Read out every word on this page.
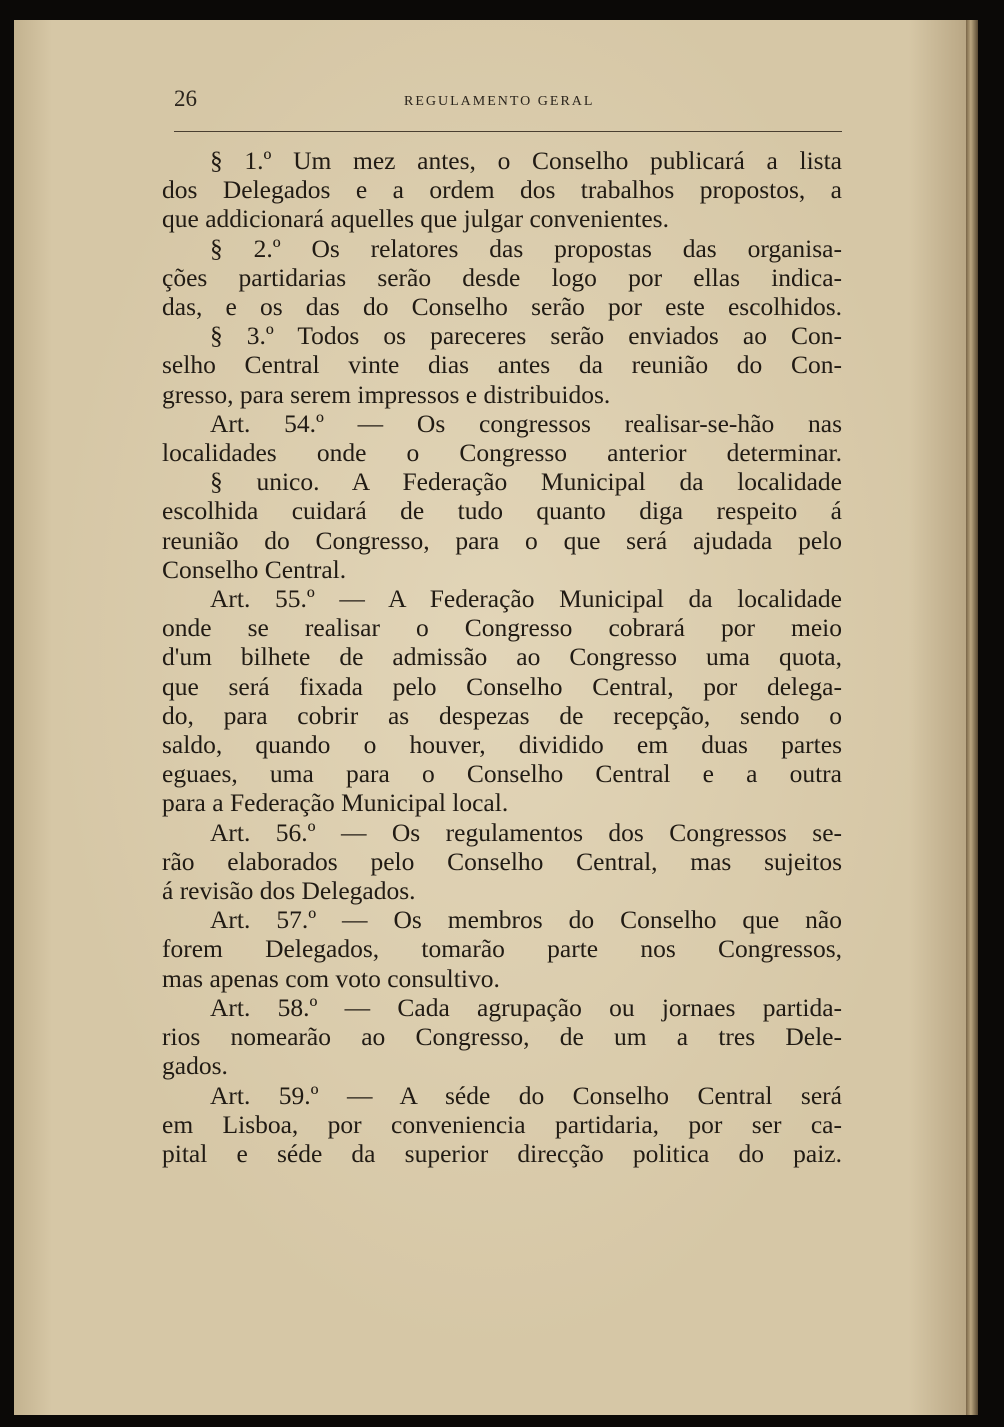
26	REGULAMENTO GERAL
§ 1.º Um mez antes, o Conselho publicará a lista
dos Delegados e a ordem dos trabalhos propostos, a
que addicionará aquelles que julgar convenientes.
§ 2.º Os relatores das propostas das organisa-
ções partidarias serão desde logo por ellas indica-
das, e os das do Conselho serão por este escolhidos.
§ 3.º Todos os pareceres serão enviados ao Con-
selho Central vinte dias antes da reunião do Con-
gresso, para serem impressos e distribuidos.
Art. 54.º — Os congressos realisar-se-hão nas
localidades onde o Congresso anterior determinar.
§ unico. A Federação Municipal da localidade
escolhida cuidará de tudo quanto diga respeito á
reunião do Congresso, para o que será ajudada pelo
Conselho Central.
Art. 55.º — A Federação Municipal da localidade
onde se realisar o Congresso cobrará por meio
d'um bilhete de admissão ao Congresso uma quota,
que será fixada pelo Conselho Central, por delega-
do, para cobrir as despezas de recepção, sendo o
saldo, quando o houver, dividido em duas partes
eguaes, uma para o Conselho Central e a outra
para a Federação Municipal local.
Art. 56.º — Os regulamentos dos Congressos se-
rão elaborados pelo Conselho Central, mas sujeitos
á revisão dos Delegados.
Art. 57.º — Os membros do Conselho que não
forem Delegados, tomarão parte nos Congressos,
mas apenas com voto consultivo.
Art. 58.º — Cada agrupação ou jornaes partida-
rios nomearão ao Congresso, de um a tres Dele-
gados.
Art. 59.º — A séde do Conselho Central será
em Lisboa, por conveniencia partidaria, por ser ca-
pital e séde da superior direcção politica do paiz.
